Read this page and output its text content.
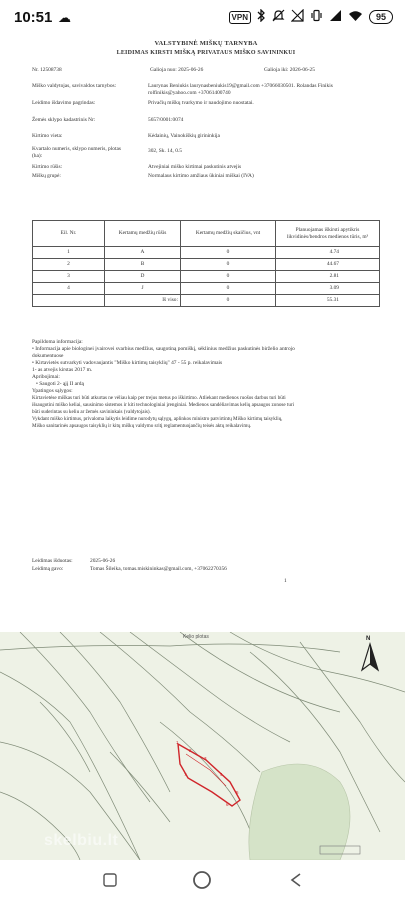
10:51 ☁	VPN	95
VALSTYBINĖ MIŠKŲ TARNYBA
LEIDIMAS KIRSTI MIŠKĄ PRIVATAUS MIŠKO SAVININKUI
Nr. 12508738	Galioja nuo: 2025-06-26	Galioja iki: 2026-06-25
Miško valdytojas, savivaldos tarnybos:	Laurynas Beniukis laurynasbeniukis19@gmail.com +37066030501. Rolandas Finikis rolfinikis@yahoo.com +37061400740
Leidimo išdavimo pagrindas:	Privačių miškų tvarkymo ir naudojimo nuostatai.
Žemės sklypo kadastrinis Nr:	5657/0001:0074
Kirtimo vieta:	Kėdainių, Vainokiškių girininkija
Kvartalo numeris, sklypo numeris, plotas (ha):
302, Sk. 14, 0.5
Kirtimo rūšis:	Atvejiniai miško kirtimai paskutinis atvejis
Miškų grupė:	Normalaus kirtimo amžiaus ūkiniai miškai (IVA)
Eil. Nr.	Kertamų medžių rūšis	Kertamų medžių skaičius, vnt	Planuojamas iškirsti apytikris likvidinės/bendros medienos tūris, m³
1	A	0	4.74
2	B	0	44.67
3	D	0	2.81
4	J	0	3.09
	Iš viso:	0	55.31
Papildoma informacija:
• Informacija apie biologinei įvairovei svarbius medžius, saugotiną pomiškį, sėklinius medžius paskutinės birželio antrojo
dokumentuose
• Kirtavietės sutvarkyti vadovaujantis "Miško kirtimų taisyklių" 47 - 55 p. reikalavimais
1- as atvejis kirstas 2017 m.
Apribojimai:
• Saugoti 2- ąjį II ardą
Ypatingos sąlygos:
Kirtavietėse miškas turi būti atkurtas ne vėliau kaip per trejus metus po iškirtimo. Atliekant medienos ruošos darbus turi būti
išsaugotini miško keliai, sausinimo sistemos ir kiti technologiniai įrenginiai. Medienos sandėliavimas kelių apsaugos zonose turi
būti suderintas su keliu ar žemės savininkais (valdytojais).
Vykdant miško kirtimus, privaloma laikytis leidime nurodytų sąlygų, aplinkos ministro patvirtintų Miško kirtimų taisyklių,
Miško sanitarinės apsaugos taisyklių ir kitų miškų valdymo sritį reglamentuojančių teisės aktų reikalavimų.
Leidimas išduotas:	2025-06-26
Leidimą gavo:	Tomas Šileika, tomas.miskininkas@gmail.com, +37062270356
1
Kelio plotas	N
1
2
3
4
5
6
7
skelbiu.lt
